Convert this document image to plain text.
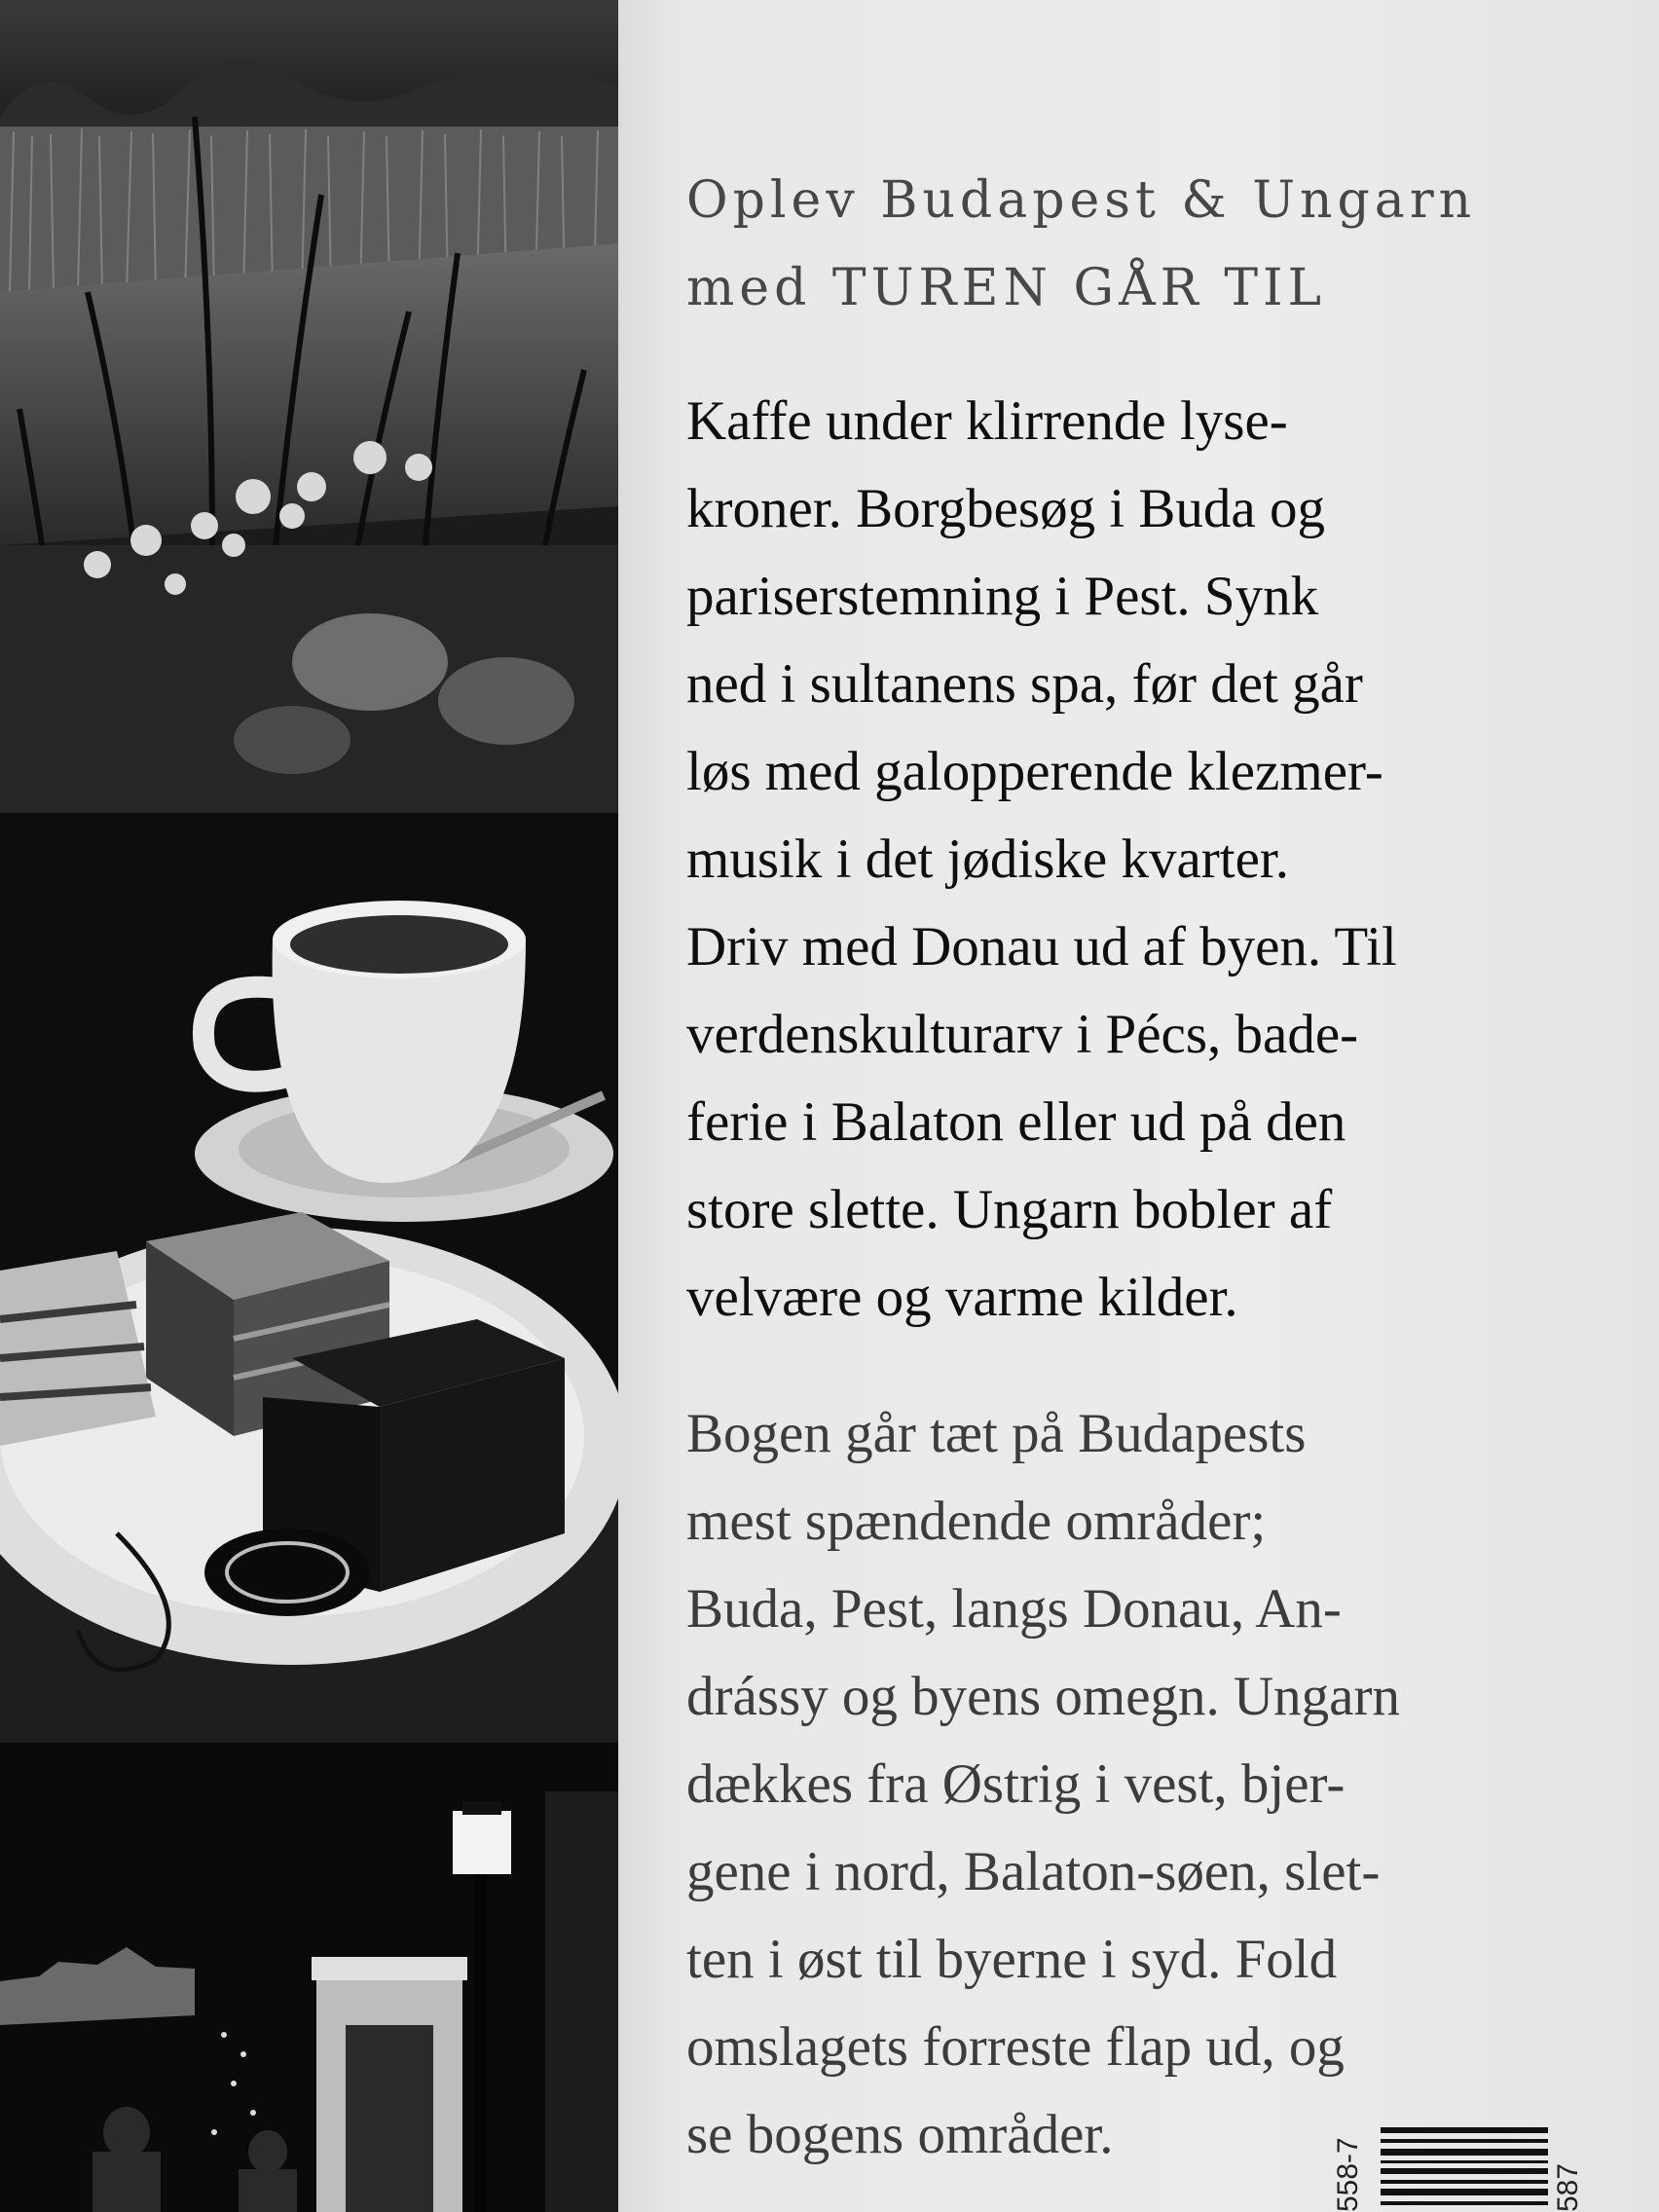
Oplev Budapest & Ungarn

med TUREN GÅR TIL

Kaffe under klirrende lyse-

kroner. Borgbesøg i Buda og

pariserstemning i Pest. Synk

ned i sultanens spa, før det går

løs med galopperende klezmer-

musik i det jødiske kvarter.

Driv med Donau ud af byen. Til

verdenskulturarv i Pécs, bade-

ferie i Balaton eller ud på den

store slette. Ungarn bobler af

velvære og varme kilder.

Bogen går tæt på Budapests

mest spændende områder;

Buda, Pest, langs Donau, An-

drássy og byens omegn. Ungarn

dækkes fra Østrig i vest, bjer-

gene i nord, Balaton-søen, slet-

ten i øst til byerne i syd. Fold

omslagets forreste flap ud, og

se bogens områder.

558-7	587
